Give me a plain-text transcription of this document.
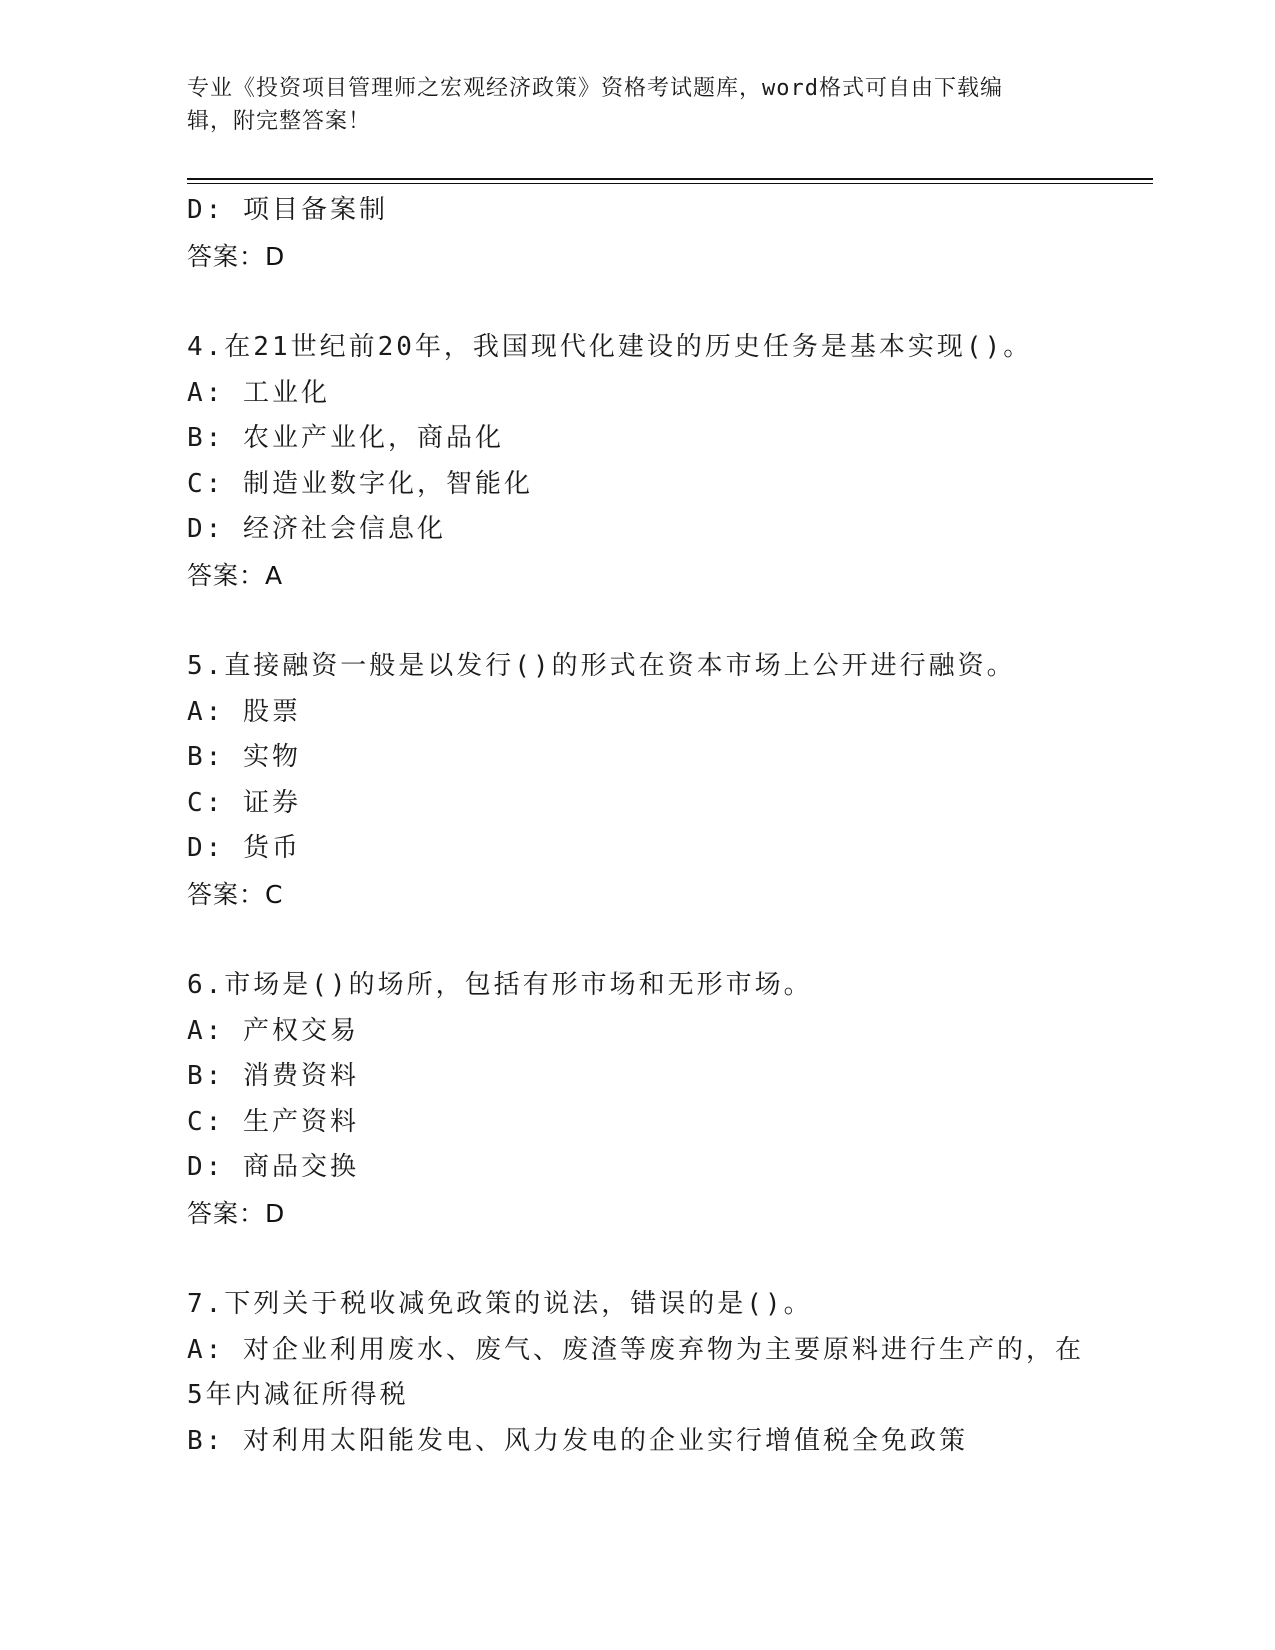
专业《投资项目管理师之宏观经济政策》资格考试题库，word格式可自由下载编
辑，附完整答案！
D: 项目备案制
答案：D
4.在21世纪前20年，我国现代化建设的历史任务是基本实现()。
A: 工业化
B: 农业产业化，商品化
C: 制造业数字化，智能化
D: 经济社会信息化
答案：A
5.直接融资一般是以发行()的形式在资本市场上公开进行融资。
A: 股票
B: 实物
C: 证券
D: 货币
答案：C
6.市场是()的场所，包括有形市场和无形市场。
A: 产权交易
B: 消费资料
C: 生产资料
D: 商品交换
答案：D
7.下列关于税收减免政策的说法，错误的是()。
A: 对企业利用废水、废气、废渣等废弃物为主要原料进行生产的，在
5年内减征所得税
B: 对利用太阳能发电、风力发电的企业实行增值税全免政策
